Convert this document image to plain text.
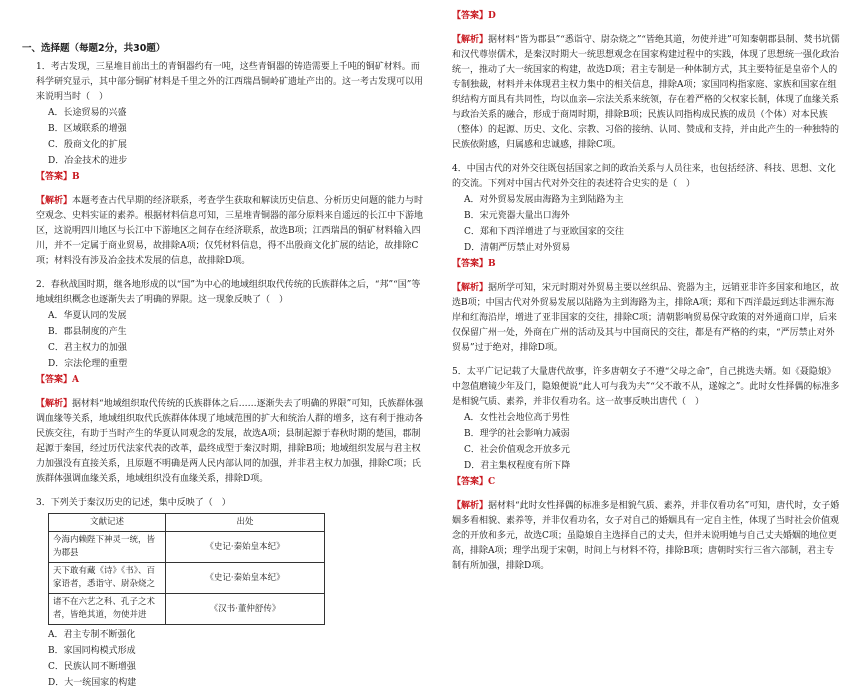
一、选择题（每题2分，共30题）

1．考古发现，三星堆目前出土的青铜器约有一吨，这些青铜器的铸造需要上千吨的铜矿材料。而科学研究显示，其中部分铜矿材料是千里之外的江西瑞昌铜岭矿遗址产出的。这一考古发现可以用来说明当时（　）

A．长途贸易的兴盛
B．区域联系的增强
C．殷商文化的扩展
D．冶金技术的进步
【答案】B

【解析】本题考查古代早期的经济联系，考查学生获取和解读历史信息、分析历史问题的能力与时空观念、史料实证的素养。根据材料信息可知，三星堆青铜器的部分原料来自遥远的长江中下游地区，这说明四川地区与长江中下游地区之间存在经济联系，故选B项；江西瑞昌的铜矿材料输入四川，并不一定属于商业贸易，故排除A项；仅凭材料信息，得不出殷商文化扩展的结论，故排除C项；材料没有涉及冶金技术发展的信息，故排除D项。

2．春秋战国时期，继各地形成的以“国”为中心的地域组织取代传统的氏族群体之后，“邦”“国”等地域组织概念也逐渐失去了明确的界限。这一现象反映了（　）

A．华夏认同的发展
B．郡县制度的产生
C．君主权力的加强
D．宗法伦理的重塑
【答案】A

【解析】据材料“地域组织取代传统的氏族群体之后……逐渐失去了明确的界限”可知，氏族群体强调血缘等关系，地域组织取代氏族群体体现了地域范围的扩大和统治人群的增多，这有利于推动各民族交往，有助于当时产生的华夏认同观念的发展，故选A项；县制起源于春秋时期的楚国，郡制起源于秦国，经过历代法家代表的改革，最终成型于秦汉时期，排除B项；地域组织发展与君主权力加强没有直接关系，且原题不明确是两人民内部认同的加强，并非君主权力加强，排除C项；氏族群体强调血缘关系，地域组织没有血缘关系，排除D项。

3．下列关于秦汉历史的记述，集中反映了（　）

文献记述	出处
今海内赖陛下神灵一统，皆为郡县	《史记·秦始皇本纪》
天下敢有藏《诗》《书》、百家语者，悉诣守、尉杂烧之	《史记·秦始皇本纪》
诸不在六艺之科、孔子之术者，皆绝其道，勿使并进	《汉书·董仲舒传》
A．君主专制不断强化
B．家国同构模式形成
C．民族认同不断增强
D．大一统国家的构建
【答案】D

【解析】据材料“皆为郡县”“悉诣守、尉杂烧之”“皆绝其道，勿使并进”可知秦朝郡县制、焚书坑儒和汉代尊崇儒术，是秦汉时期大一统思想观念在国家构建过程中的实践，体现了思想统一强化政治统一，推动了大一统国家的构建，故选D项；君主专制是一种体制方式，其主要特征是皇帝个人的专制独裁，材料并未体现君主权力集中的相关信息，排除A项；家国同构指家庭、家族和国家在组织结构方面具有共同性，均以血亲—宗法关系来统领，存在着严格的父权家长制，体现了血缘关系与政治关系的融合，形成于商周时期，排除B项；民族认同指构成民族的成员（个体）对本民族（整体）的起源、历史、文化、宗教、习俗的接纳、认同、赞成和支持，并由此产生的一种独特的民族依附感，归属感和忠诚感，排除C项。

4．中国古代的对外交往既包括国家之间的政治关系与人员往来，也包括经济、科技、思想、文化的交流。下列对中国古代对外交往的表述符合史实的是（　）

A．对外贸易发展由海路为主到陆路为主
B．宋元瓷器大量出口海外
C．郑和下西洋增进了与亚欧国家的交往
D．清朝严厉禁止对外贸易
【答案】B

【解析】据所学可知，宋元时期对外贸易主要以丝织品、瓷器为主，远销亚非许多国家和地区，故选B项；中国古代对外贸易发展以陆路为主到海路为主，排除A项；郑和下西洋最远到达非洲东海岸和红海沿岸，增进了亚非国家的交往，排除C项；清朝影响贸易保守政策的对外通商口岸，后来仅保留广州一处，外商在广州的活动及其与中国商民的交往，都是有严格的约束，“严厉禁止对外贸易”过于绝对，排除D项。

5．太平广记记载了大量唐代故事，许多唐朝女子不遵“父母之命”，自己挑选夫婿。如《聂隐娘》中忽值磨镜少年及门，隐娘便说“此人可与我为夫”“父不敢不从，遂嫁之”。此时女性择偶的标准多是相貌气质、素养，并非仅看功名。这一故事反映出唐代（　）

A．女性社会地位高于男性
B．理学的社会影响力减弱
C．社会价值观念开放多元
D．君主集权程度有所下降
【答案】C

【解析】据材料“此时女性择偶的标准多是相貌气质、素养，并非仅看功名”可知，唐代时，女子婚姻多看相貌、素养等，并非仅看功名，女子对自己的婚姻具有一定自主性，体现了当时社会价值观念的开放和多元，故选C项；虽隐娘自主选择自己的丈夫，但并未说明她与自己丈夫婚姻的地位更高，排除A项；理学出现于宋朝，时间上与材料不符，排除B项；唐朝时实行三省六部制，君主专制有所加强，排除D项。
